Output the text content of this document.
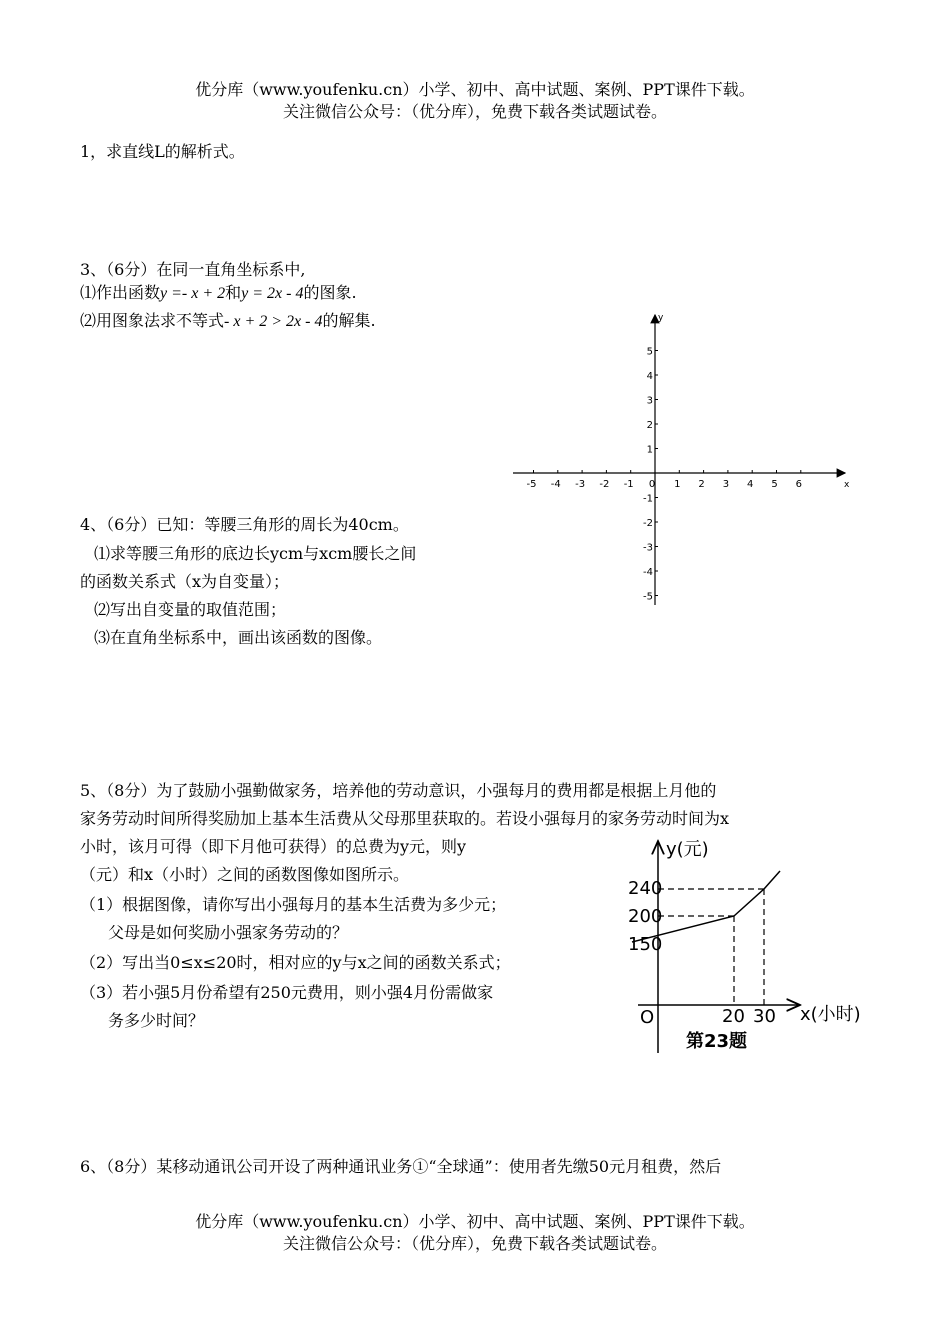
优分库（www.youfenku.cn）小学、初中、高中试题、案例、PPT课件下载。
关注微信公众号：（优分库），免费下载各类试题试卷。
1，求直线L的解析式。
3、（6分）在同一直角坐标系中,
⑴作出函数y =- x + 2和y = 2x - 4的图象.
⑵用图象法求不等式- x + 2 > 2x - 4的解集.
x
y
-5 -4 -3 -2 -1 0 1 2 3 4 5 6
5
4
3
2
1
-1
-2
-3
-4
-5
4、（6分）已知：等腰三角形的周长为40cm。
⑴求等腰三角形的底边长ycm与xcm腰长之间
的函数关系式（x为自变量）；
⑵写出自变量的取值范围；
⑶在直角坐标系中，画出该函数的图像。
5、（8分）为了鼓励小强勤做家务，培养他的劳动意识，小强每月的费用都是根据上月他的
家务劳动时间所得奖励加上基本生活费从父母那里获取的。若设小强每月的家务劳动时间为x
小时，该月可得（即下月他可获得）的总费为y元，则y
（元）和x（小时）之间的函数图像如图所示。
（1）根据图像，请你写出小强每月的基本生活费为多少元；
父母是如何奖励小强家务劳动的？
（2）写出当0≤x≤20时，相对应的y与x之间的函数关系式；
（3）若小强5月份希望有250元费用，则小强4月份需做家
务多少时间？
y(元)
x(小时)
O
240
200
150
20 30
第23题
6、（8分）某移动通讯公司开设了两种通讯业务①“全球通”：使用者先缴50元月租费，然后
优分库（www.youfenku.cn）小学、初中、高中试题、案例、PPT课件下载。
关注微信公众号：（优分库），免费下载各类试题试卷。
